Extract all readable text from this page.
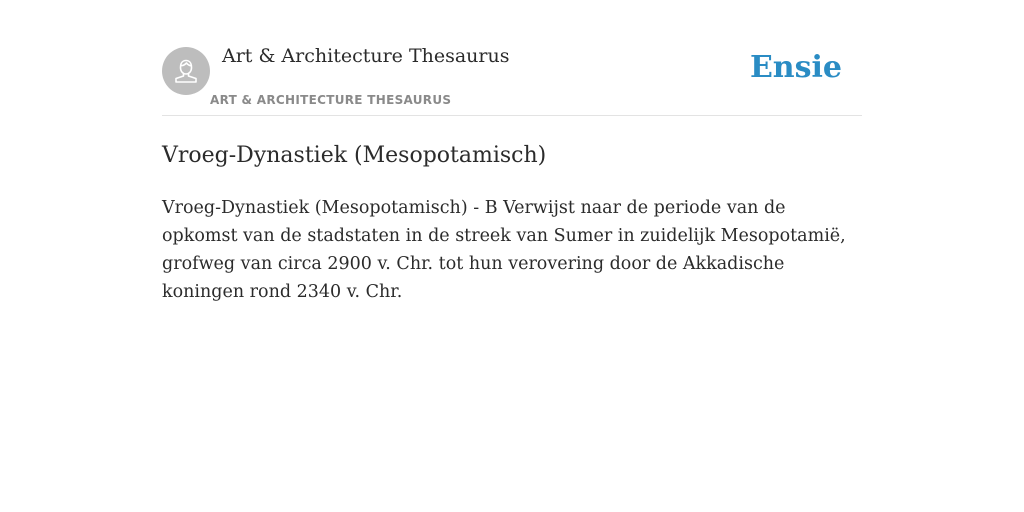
Art & Architecture Thesaurus
ART & ARCHITECTURE THESAURUS
Ensie
Vroeg-Dynastiek (Mesopotamisch)

Vroeg-Dynastiek (Mesopotamisch) - B Verwijst naar de periode van de opkomst van de stadstaten in de streek van Sumer in zuidelijk Mesopotamië, grofweg van circa 2900 v. Chr. tot hun verovering door de Akkadische koningen rond 2340 v. Chr.
